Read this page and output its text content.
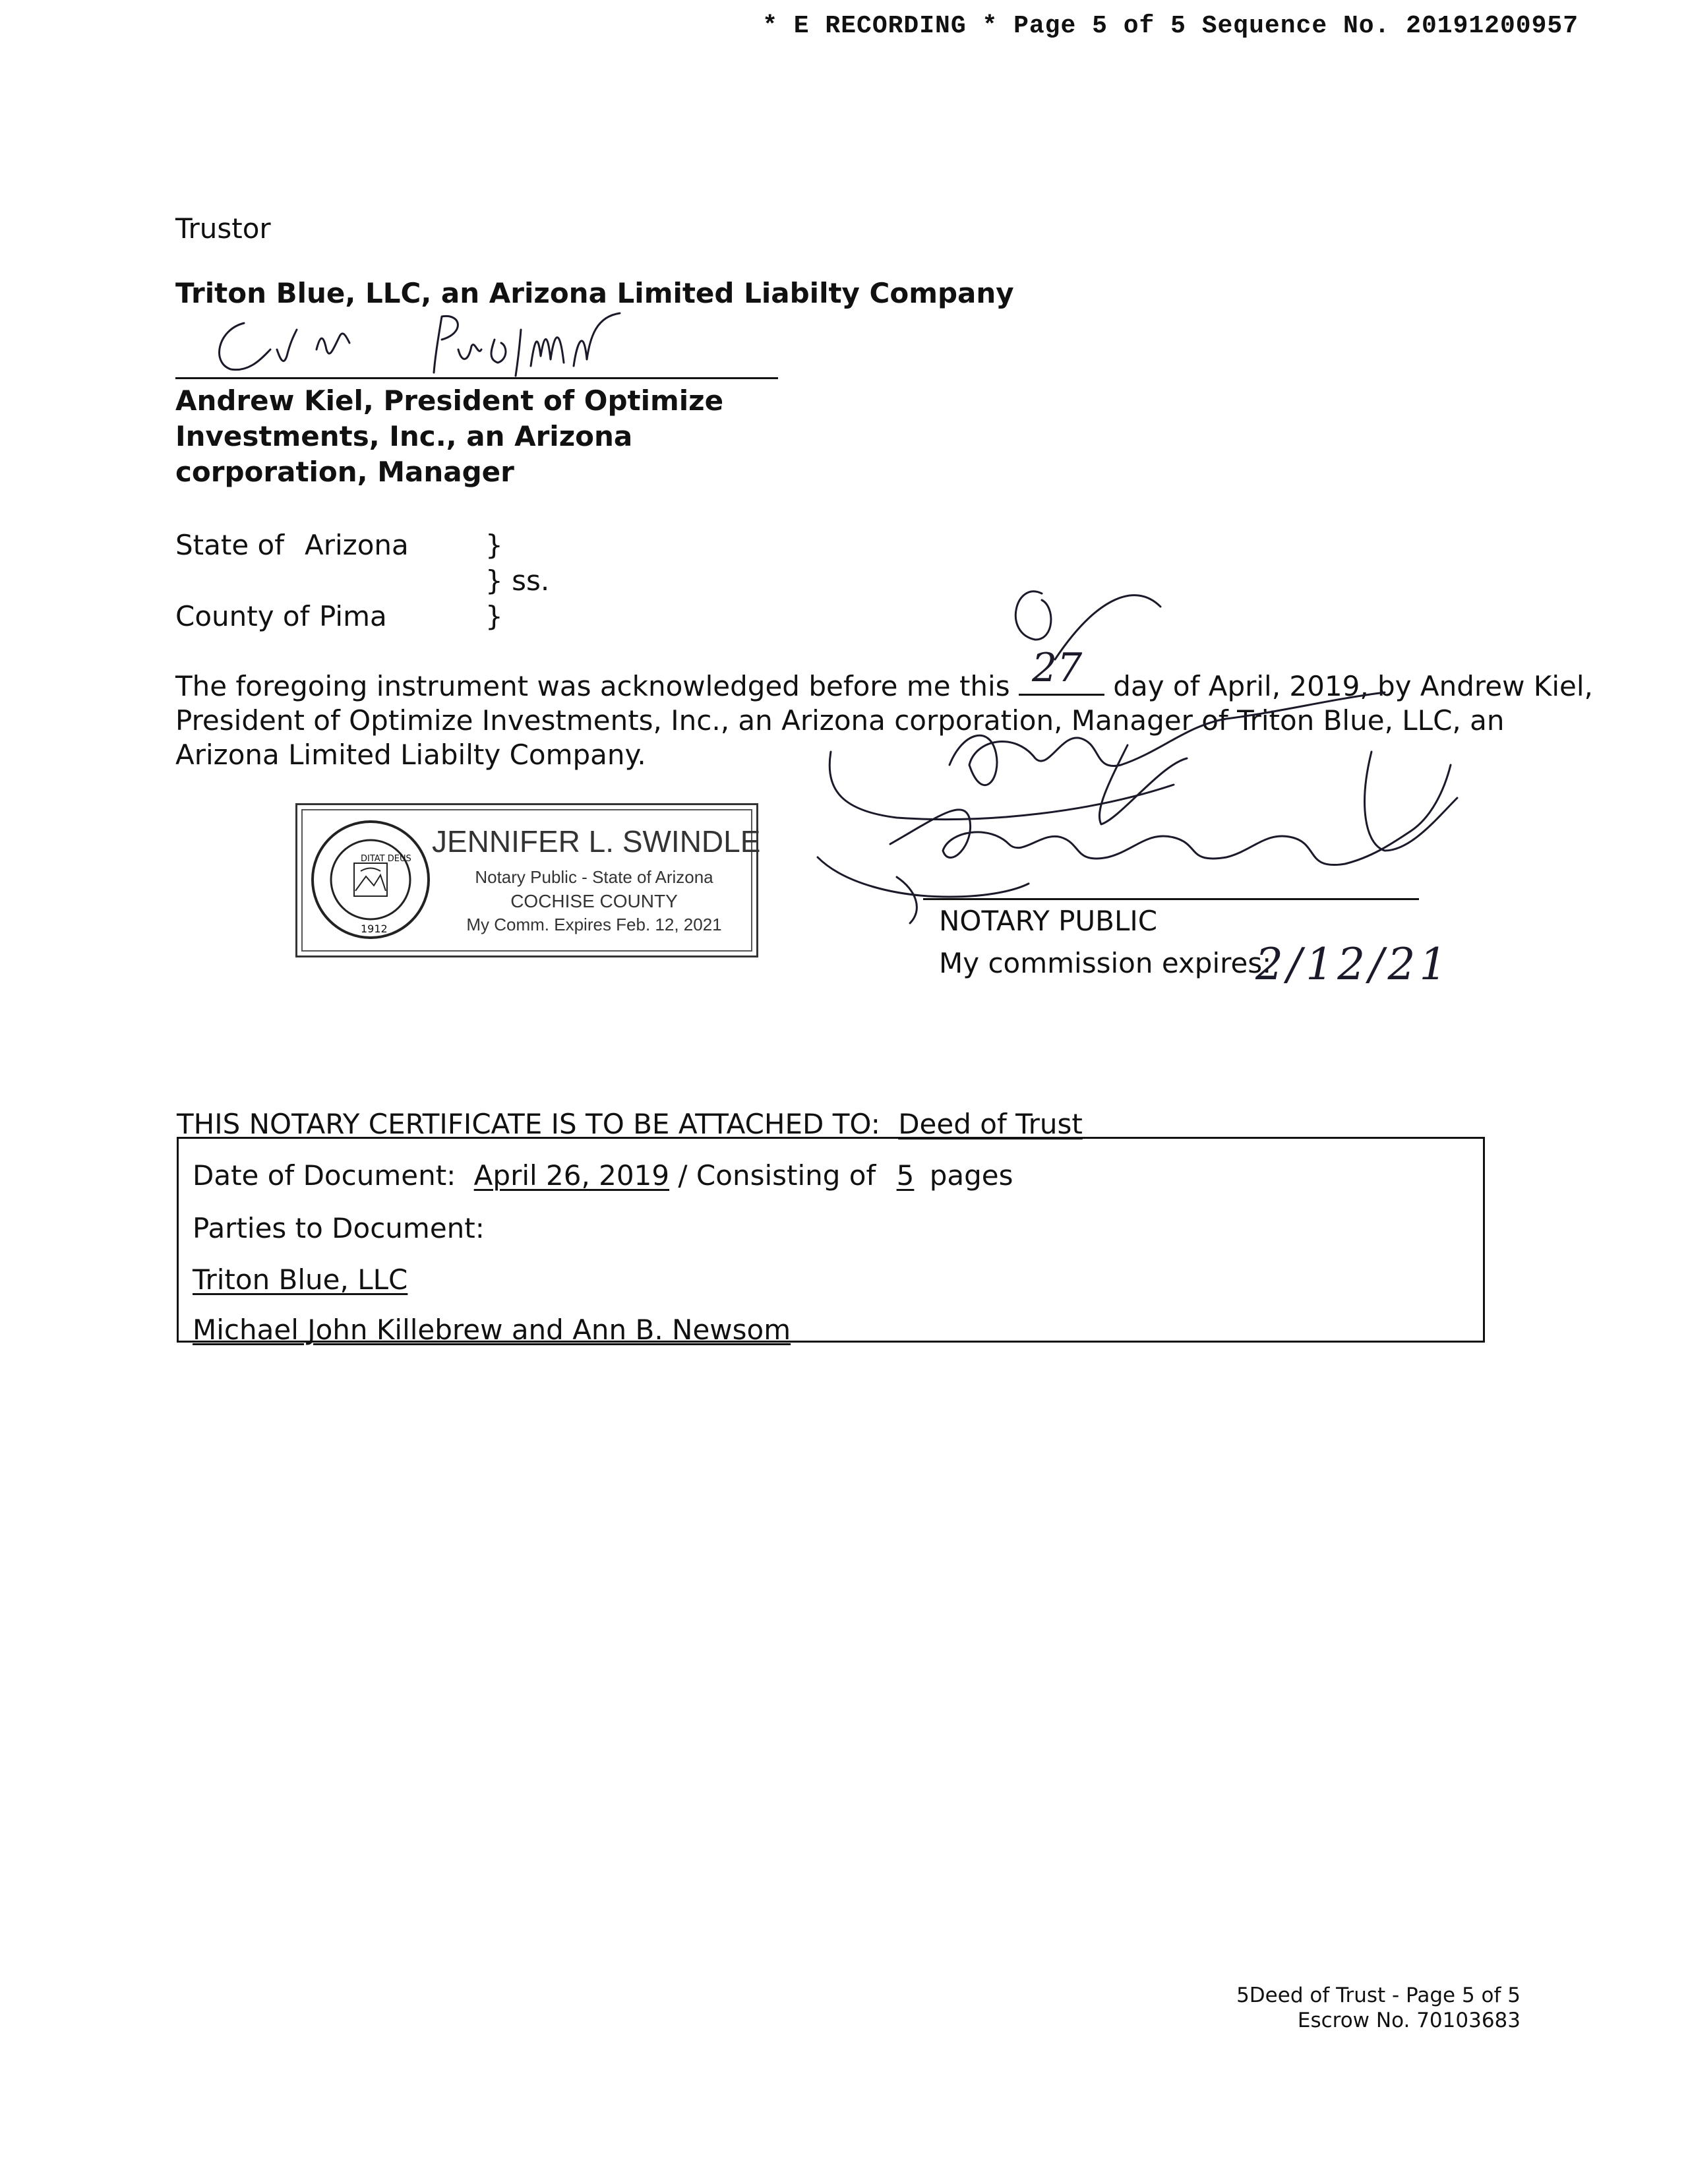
* E RECORDING * Page 5 of 5 Sequence No. 20191200957
Trustor
Triton Blue, LLC, an Arizona Limited Liabilty Company
Andrew Kiel, President of Optimize
Investments, Inc., an Arizona
corporation, Manager
State of Arizona	}
} ss.
County of Pima	}
The foregoing instrument was acknowledged before me this 27 day of April, 2019, by Andrew Kiel,
President of Optimize Investments, Inc., an Arizona corporation, Manager of Triton Blue, LLC, an
Arizona Limited Liabilty Company.
DITAT DEUS
1912
JENNIFER L. SWINDLE
Notary Public - State of Arizona
COCHISE COUNTY
My Comm. Expires Feb. 12, 2021	NOTARY PUBLIC
My commission expires:
2/12/21
THIS NOTARY CERTIFICATE IS TO BE ATTACHED TO: Deed of Trust
Date of Document: April 26, 2019 / Consisting of 5 pages
Parties to Document:
Triton Blue, LLC
Michael John Killebrew and Ann B. Newsom
5Deed of Trust - Page 5 of 5
Escrow No. 70103683
